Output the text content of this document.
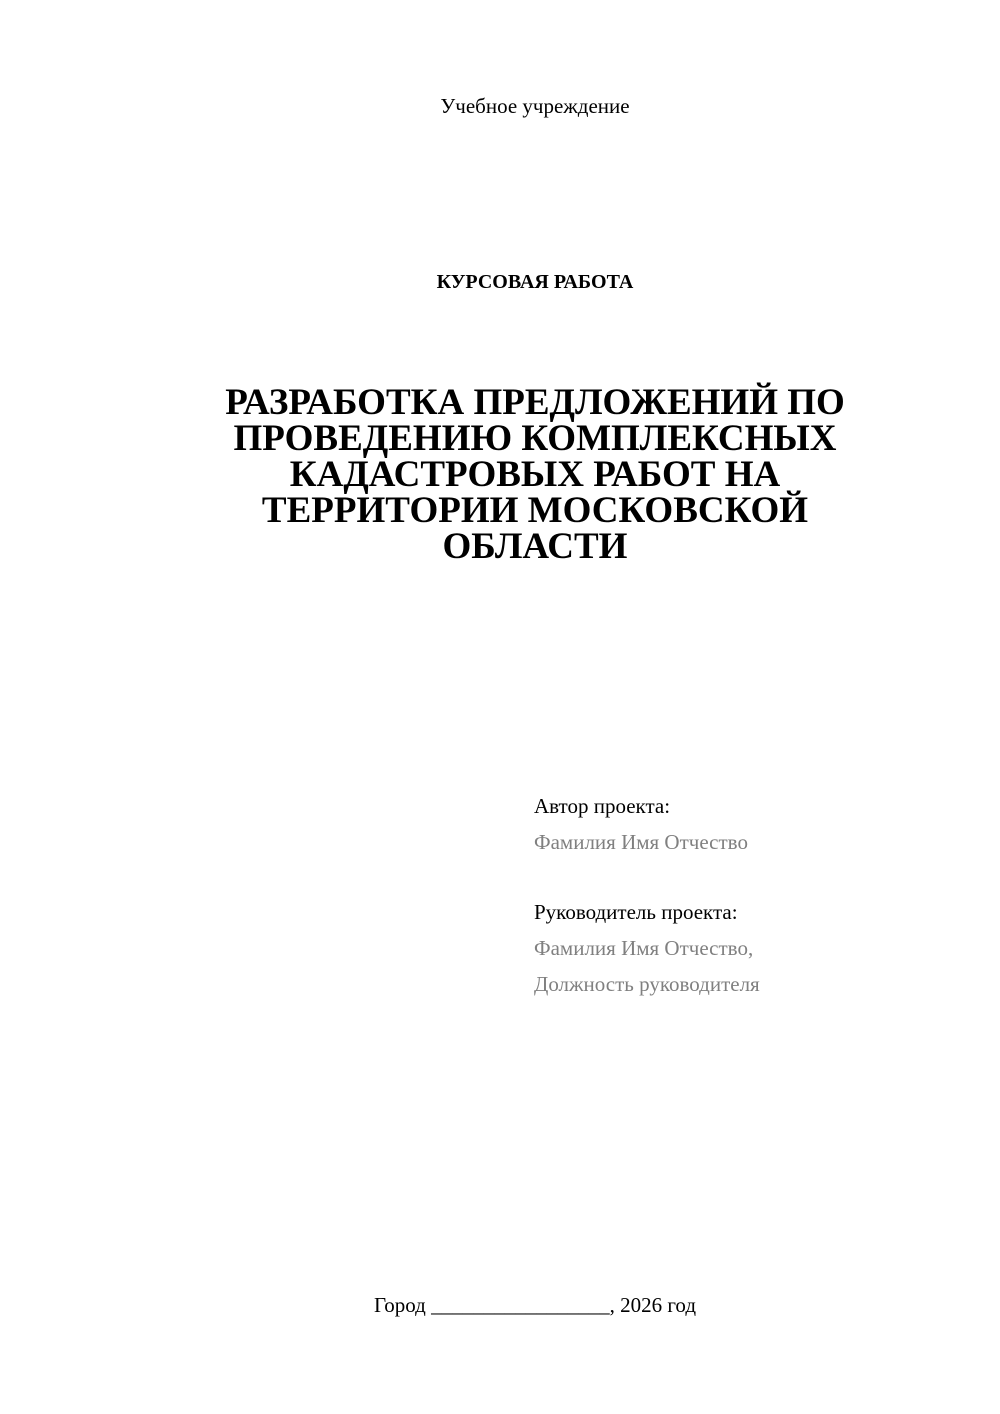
Учебное учреждение
КУРСОВАЯ РАБОТА
РАЗРАБОТКА ПРЕДЛОЖЕНИЙ ПО
ПРОВЕДЕНИЮ КОМПЛЕКСНЫХ
КАДАСТРОВЫХ РАБОТ НА
ТЕРРИТОРИИ МОСКОВСКОЙ
ОБЛАСТИ
Автор проекта:
Фамилия Имя Отчество
Руководитель проекта:
Фамилия Имя Отчество,
Должность руководителя
Город _________________, 2026 год
